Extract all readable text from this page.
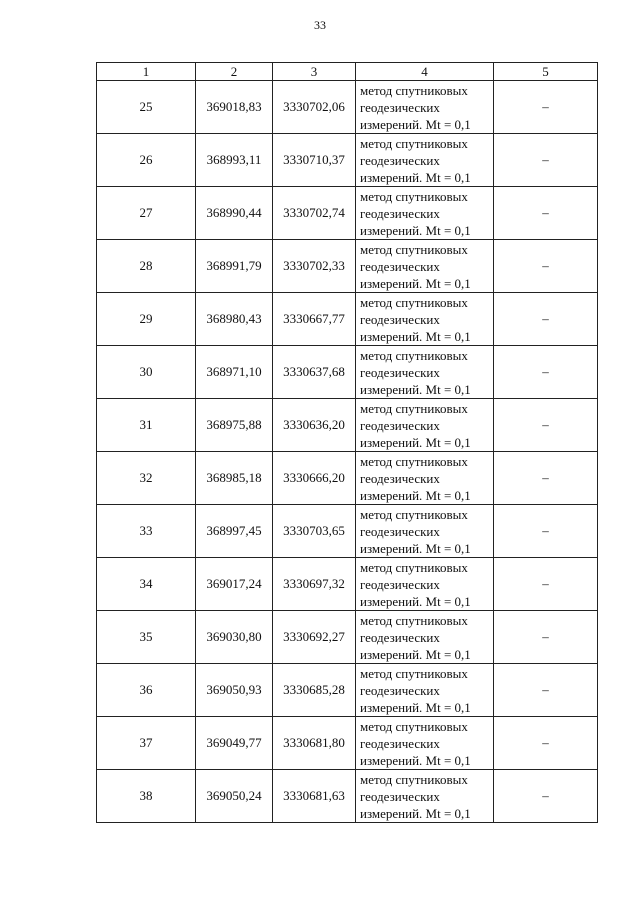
33
1	2	3	4	5
25	369018,83	3330702,06	метод спутниковых
геодезических
измерений. Mt = 0,1	–
26	368993,11	3330710,37	метод спутниковых
геодезических
измерений. Mt = 0,1	–
27	368990,44	3330702,74	метод спутниковых
геодезических
измерений. Mt = 0,1	–
28	368991,79	3330702,33	метод спутниковых
геодезических
измерений. Mt = 0,1	–
29	368980,43	3330667,77	метод спутниковых
геодезических
измерений. Mt = 0,1	–
30	368971,10	3330637,68	метод спутниковых
геодезических
измерений. Mt = 0,1	–
31	368975,88	3330636,20	метод спутниковых
геодезических
измерений. Mt = 0,1	–
32	368985,18	3330666,20	метод спутниковых
геодезических
измерений. Mt = 0,1	–
33	368997,45	3330703,65	метод спутниковых
геодезических
измерений. Mt = 0,1	–
34	369017,24	3330697,32	метод спутниковых
геодезических
измерений. Mt = 0,1	–
35	369030,80	3330692,27	метод спутниковых
геодезических
измерений. Mt = 0,1	–
36	369050,93	3330685,28	метод спутниковых
геодезических
измерений. Mt = 0,1	–
37	369049,77	3330681,80	метод спутниковых
геодезических
измерений. Mt = 0,1	–
38	369050,24	3330681,63	метод спутниковых
геодезических
измерений. Mt = 0,1	–
